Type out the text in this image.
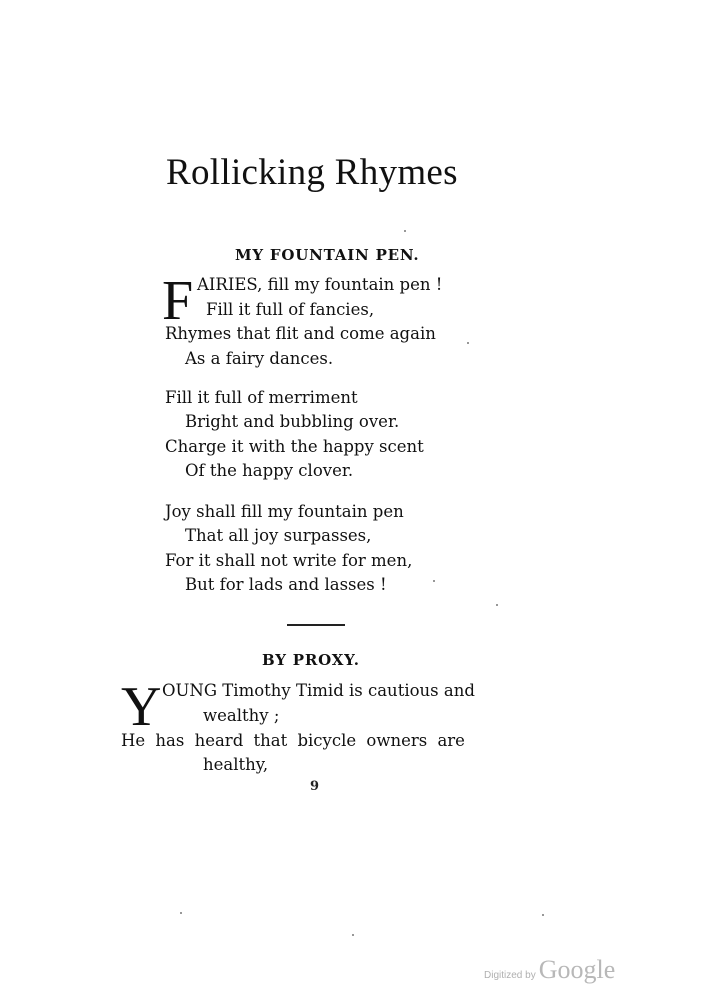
Rollicking Rhymes
MY FOUNTAIN PEN.
F AIRIES, fill my fountain pen !
Fill it full of fancies,
Rhymes that flit and come again
As a fairy dances.
Fill it full of merriment
Bright and bubbling over.
Charge it with the happy scent
Of the happy clover.
Joy shall fill my fountain pen
That all joy surpasses,
For it shall not write for men,
But for lads and lasses !
BY PROXY.
Y OUNG Timothy Timid is cautious and
wealthy ;
He has heard that bicycle owners are
healthy,
9
Digitized by Google
